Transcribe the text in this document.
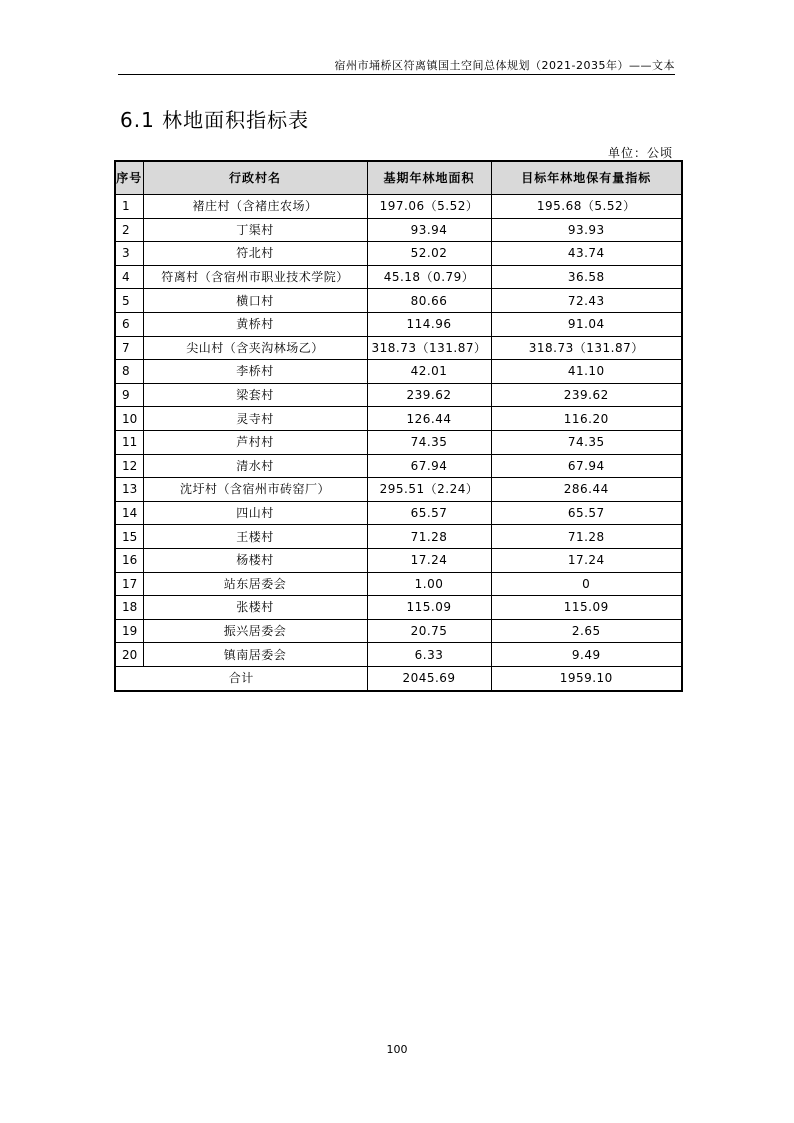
宿州市埇桥区符离镇国土空间总体规划（2021-2035年）——文本
6.1 林地面积指标表
单位：公顷
序号	行政村名	基期年林地面积	目标年林地保有量指标
1	褚庄村（含褚庄农场）	197.06（5.52）	195.68（5.52）
2	丁渠村	93.94	93.93
3	符北村	52.02	43.74
4	符离村（含宿州市职业技术学院）	45.18（0.79）	36.58
5	横口村	80.66	72.43
6	黄桥村	114.96	91.04
7	尖山村（含夹沟林场乙）	318.73（131.87）	318.73（131.87）
8	李桥村	42.01	41.10
9	梁套村	239.62	239.62
10	灵寺村	126.44	116.20
11	芦村村	74.35	74.35
12	清水村	67.94	67.94
13	沈圩村（含宿州市砖窑厂）	295.51（2.24）	286.44
14	四山村	65.57	65.57
15	王楼村	71.28	71.28
16	杨楼村	17.24	17.24
17	站东居委会	1.00	0
18	张楼村	115.09	115.09
19	振兴居委会	20.75	2.65
20	镇南居委会	6.33	9.49
合计		2045.69	1959.10
100
